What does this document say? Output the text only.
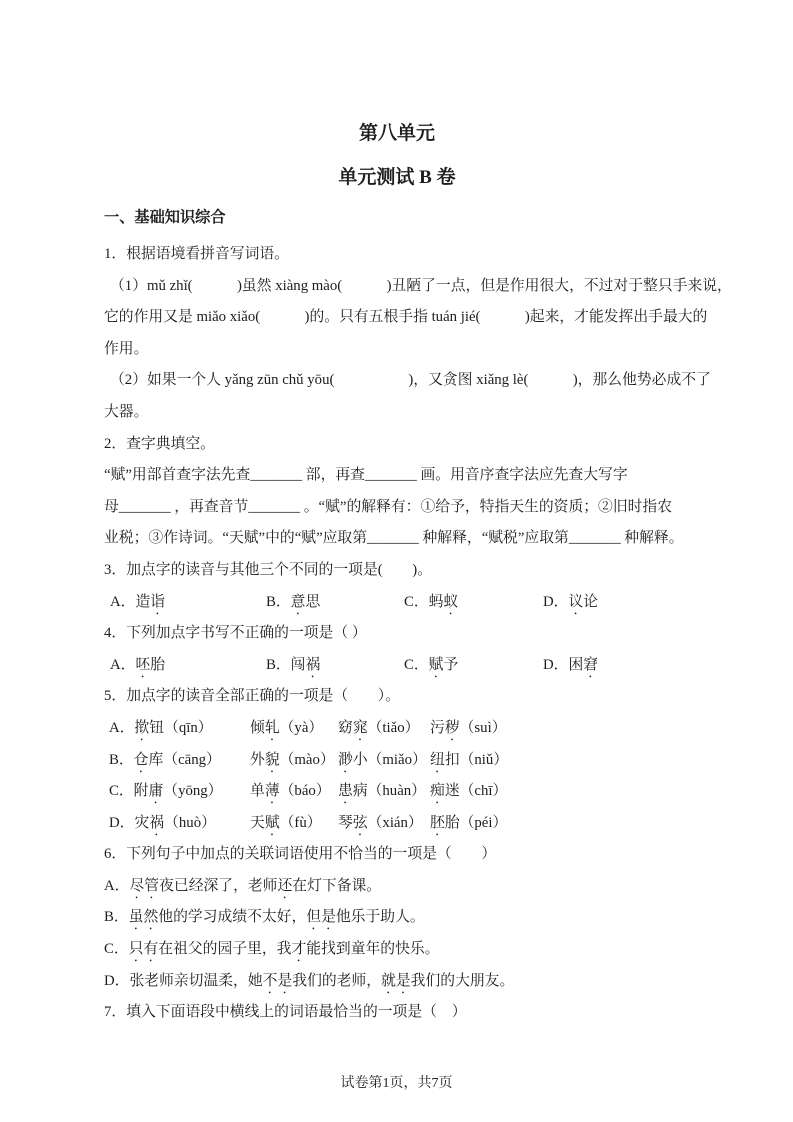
第八单元
单元测试 B 卷
一、基础知识综合
1．根据语境看拼音写词语。
（1）mǔ zhǐ(　　　)虽然 xiàng mào(　　　)丑陋了一点，但是作用很大，不过对于整只手来说，
它的作用又是 miǎo xiǎo(　　　)的。只有五根手指 tuán jié(　　　)起来，才能发挥出手最大的
作用。
（2）如果一个人 yǎng zūn chǔ yōu(　　　　　)，又贪图 xiǎng lè(　　　)，那么他势必成不了
大器。
2．查字典填空。
“赋”用部首查字法先查_______ 部，再查_______ 画。用音序查字法应先查大写字
母_______ ，再查音节_______ 。“赋”的解释有：①给予，特指天生的资质；②旧时指农
业税；③作诗词。“天赋”中的“赋”应取第_______ 种解释，“赋税”应取第_______ 种解释。
3．加点字的读音与其他三个不同的一项是(　　)。
A．造诣	B．意思	C．蚂蚁	D．议论
4．下列加点字书写不正确的一项是（ ）
A．呸胎	B．闯祸	C．赋予	D．困窘
5．加点字的读音全部正确的一项是（　　）。
A．揿钮（qīn）	倾轧（yà）	窈窕（tiǎo） 污秽（suì）
B．仓库（cāng）	外貌（mào） 渺小（miǎo） 纽扣（niǔ）
C．附庸（yōng）	单薄（báo） 患病（huàn） 痴迷（chī）
D．灾祸（huò）	天赋（fù）	琴弦（xián） 胚胎（péi）
6．下列句子中加点的关联词语使用不恰当的一项是（　　）
A．尽管夜已经深了，老师还在灯下备课。
B．虽然他的学习成绩不太好，但是他乐于助人。
C．只有在祖父的园子里，我才能找到童年的快乐。
D．张老师亲切温柔，她不是我们的老师，就是我们的大朋友。
7．填入下面语段中横线上的词语最恰当的一项是（　）
试卷第1页，共7页
